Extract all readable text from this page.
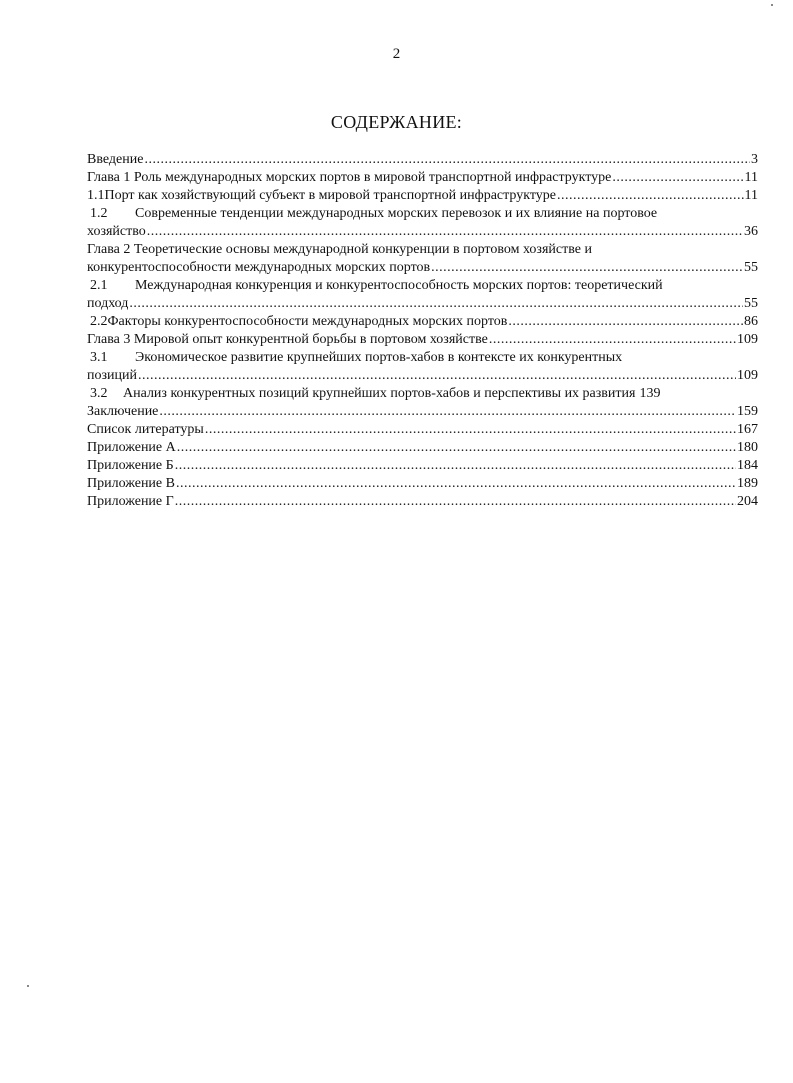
2
СОДЕРЖАНИЕ:
Введение .....	3
Глава 1 Роль международных морских портов в мировой транспортной инфраструктуре .....	11
1.1 Порт как хозяйствующий субъект в мировой транспортной инфраструктуре .....	11
1.2	Современные тенденции международных морских перевозок и их влияние на портовое
хозяйство .....	36
Глава 2 Теоретические основы международной конкуренции в портовом хозяйстве и
конкурентоспособности международных морских портов .....	55
2.1	Международная конкуренция и конкурентоспособность морских портов: теоретический
подход .....	55
2.2 Факторы конкурентоспособности международных морских портов .....	86
Глава 3 Мировой опыт конкурентной борьбы в портовом хозяйстве .....	109
3.1	Экономическое развитие крупнейших портов-хабов в контексте их конкурентных
позиций .....	109
3.2	Анализ конкурентных позиций крупнейших портов-хабов и перспективы их развития 139
Заключение .....	159
Список литературы .....	167
Приложение А .....	180
Приложение Б .....	184
Приложение В .....	189
Приложение Г .....	204
